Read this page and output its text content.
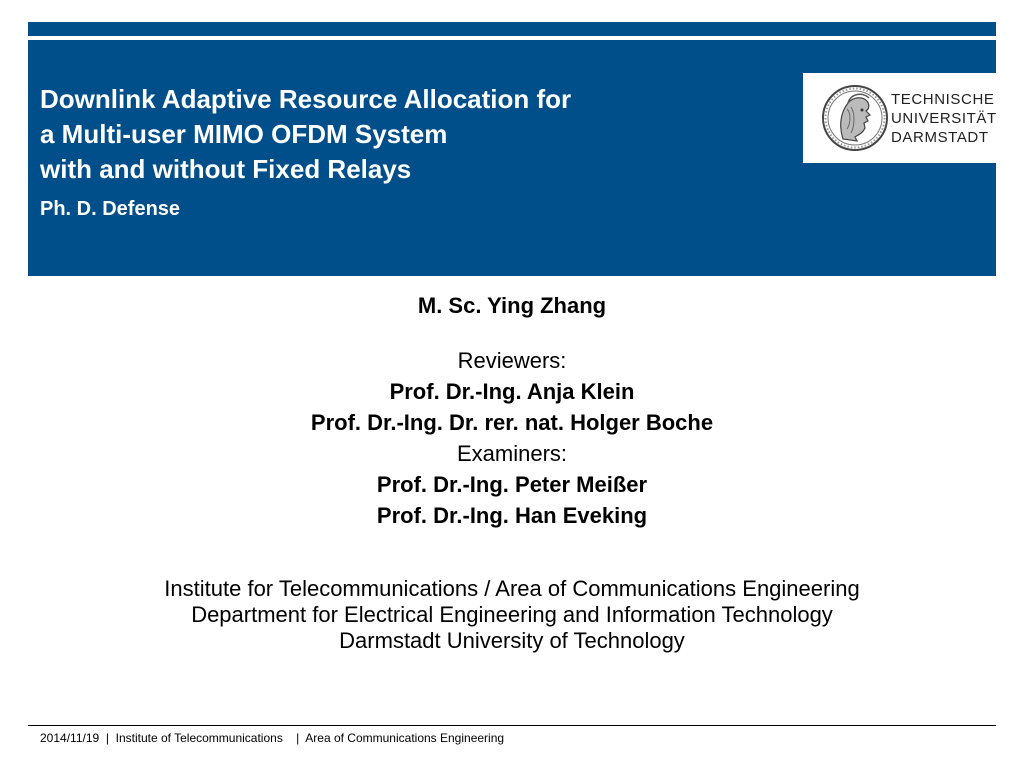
Downlink Adaptive Resource Allocation for
a Multi-user MIMO OFDM System
with and without Fixed Relays
Ph. D. Defense
TECHNISCHE
UNIVERSITÄT
DARMSTADT
M. Sc. Ying Zhang
Reviewers:
Prof. Dr.-Ing. Anja Klein
Prof. Dr.-Ing. Dr. rer. nat. Holger Boche
Examiners:
Prof. Dr.-Ing. Peter Meißer
Prof. Dr.-Ing. Han Eveking
Institute for Telecommunications / Area of Communications Engineering
Department for Electrical Engineering and Information Technology
Darmstadt University of Technology
2014/11/19  |  Institute of Telecommunications    |  Area of Communications Engineering
